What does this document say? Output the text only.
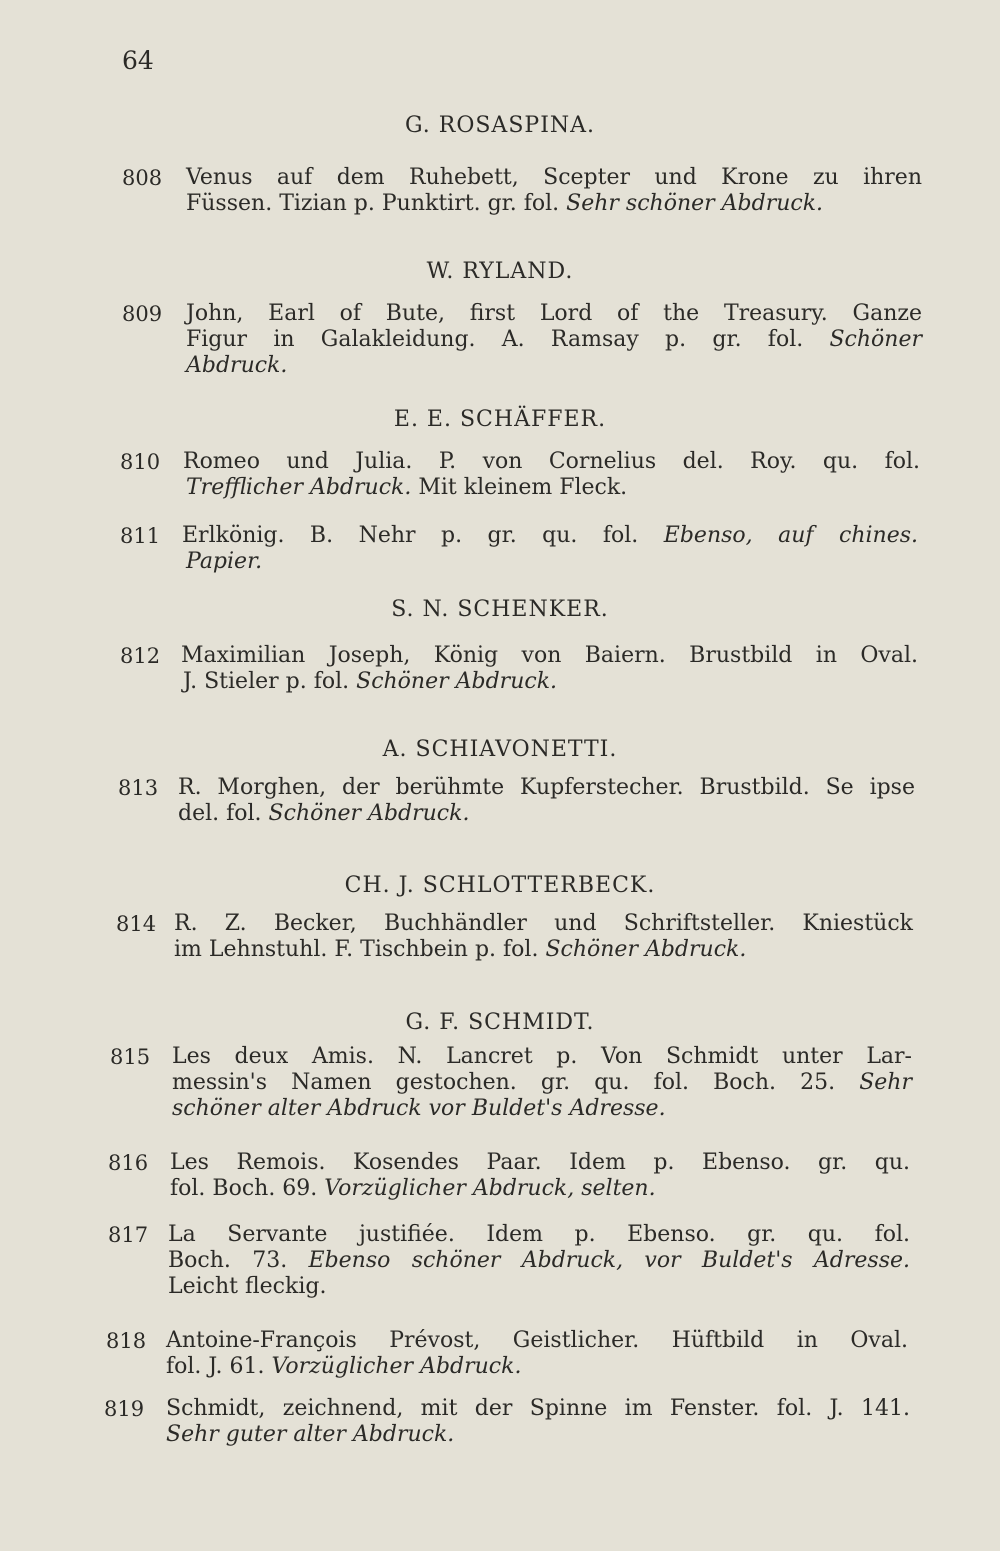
64
G. ROSASPINA.
808 Venus auf dem Ruhebett, Scepter und Krone zu ihren
Füssen. Tizian p. Punktirt. gr. fol. Sehr schöner Abdruck.
W. RYLAND.
809 John, Earl of Bute, first Lord of the Treasury. Ganze
Figur in Galakleidung. A. Ramsay p. gr. fol. Schöner
Abdruck.
E. E. SCHÄFFER.
810 Romeo und Julia. P. von Cornelius del. Roy. qu. fol.
Trefflicher Abdruck. Mit kleinem Fleck.
811 Erlkönig. B. Nehr p. gr. qu. fol. Ebenso, auf chines.
Papier.
S. N. SCHENKER.
812 Maximilian Joseph, König von Baiern. Brustbild in Oval.
J. Stieler p. fol. Schöner Abdruck.
A. SCHIAVONETTI.
813 R. Morghen, der berühmte Kupferstecher. Brustbild. Se ipse
del. fol. Schöner Abdruck.
CH. J. SCHLOTTERBECK.
814 R. Z. Becker, Buchhändler und Schriftsteller. Kniestück
im Lehnstuhl. F. Tischbein p. fol. Schöner Abdruck.
G. F. SCHMIDT.
815 Les deux Amis. N. Lancret p. Von Schmidt unter Lar-
messin's Namen gestochen. gr. qu. fol. Boch. 25. Sehr
schöner alter Abdruck vor Buldet's Adresse.
816 Les Remois. Kosendes Paar. Idem p. Ebenso. gr. qu.
fol. Boch. 69. Vorzüglicher Abdruck, selten.
817 La Servante justifiée. Idem p. Ebenso. gr. qu. fol.
Boch. 73. Ebenso schöner Abdruck, vor Buldet's Adresse.
Leicht fleckig.
818 Antoine-François Prévost, Geistlicher. Hüftbild in Oval.
fol. J. 61. Vorzüglicher Abdruck.
819 Schmidt, zeichnend, mit der Spinne im Fenster. fol. J. 141.
Sehr guter alter Abdruck.
